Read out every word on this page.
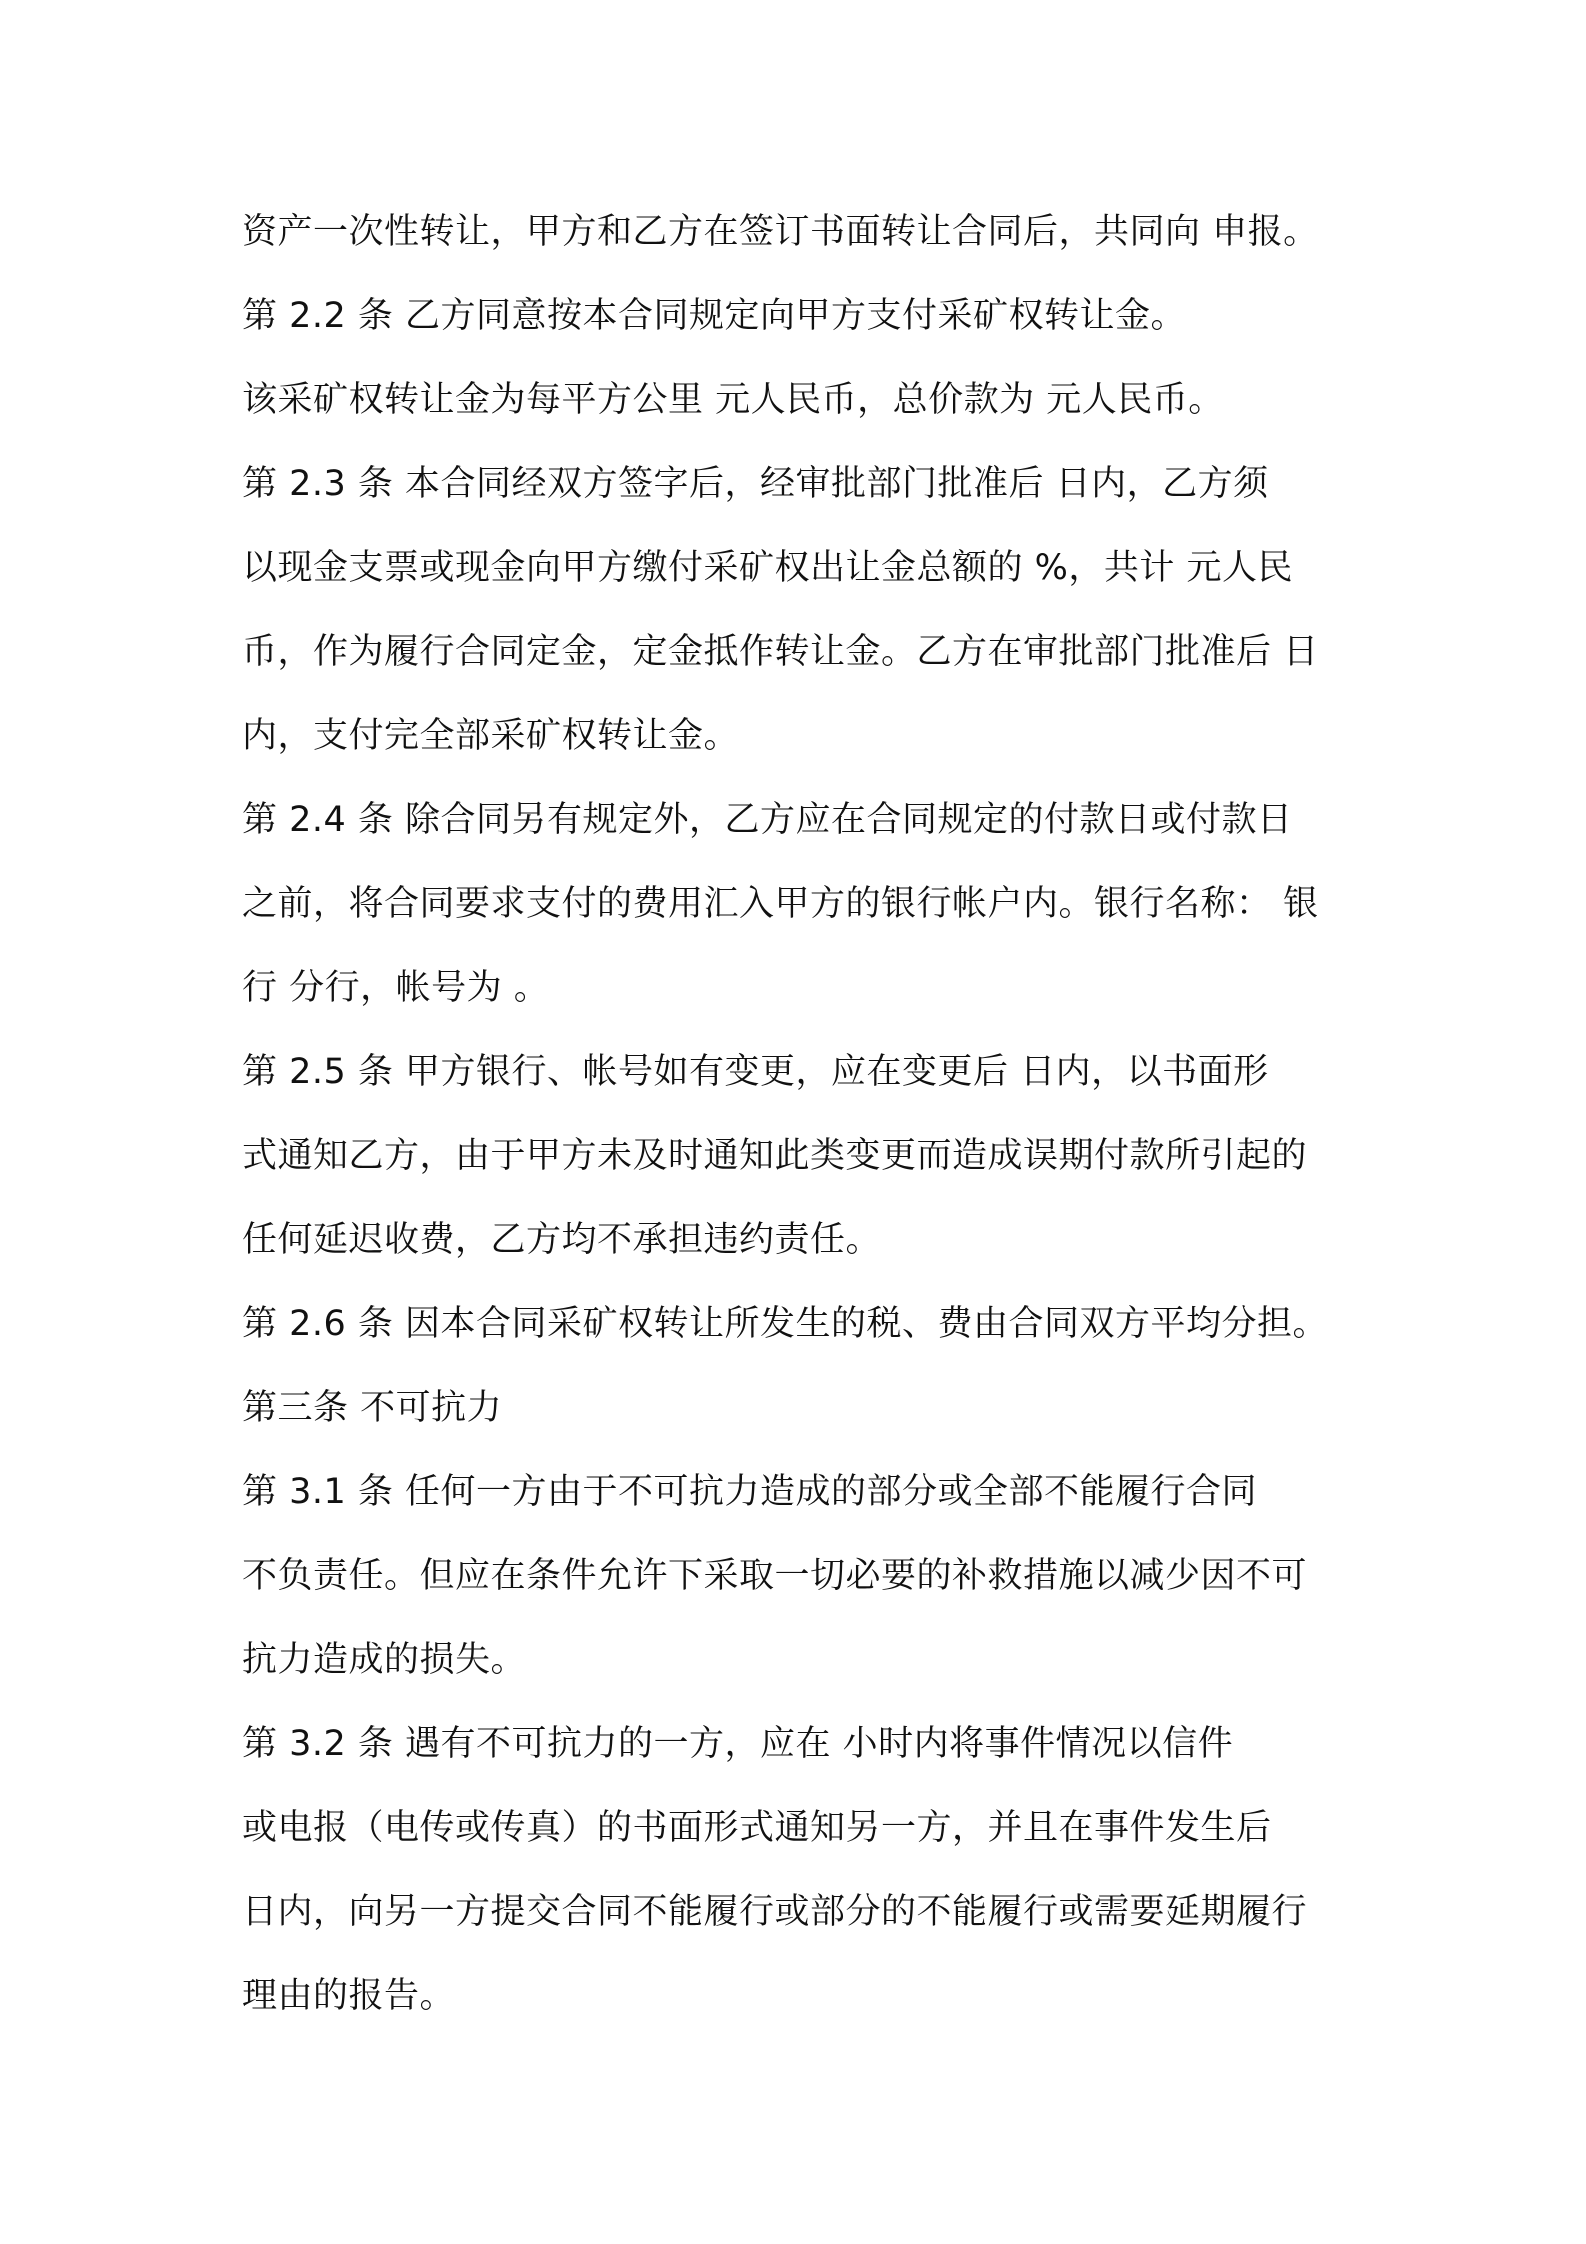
资产一次性转让，甲方和乙方在签订书面转让合同后，共同向 申报。
第 2.2 条 乙方同意按本合同规定向甲方支付采矿权转让金。
该采矿权转让金为每平方公里 元人民币，总价款为 元人民币。
第 2.3 条 本合同经双方签字后，经审批部门批准后 日内，乙方须
以现金支票或现金向甲方缴付采矿权出让金总额的 %，共计 元人民
币，作为履行合同定金，定金抵作转让金。乙方在审批部门批准后 日
内，支付完全部采矿权转让金。
第 2.4 条 除合同另有规定外，乙方应在合同规定的付款日或付款日
之前，将合同要求支付的费用汇入甲方的银行帐户内。银行名称： 银
行 分行，帐号为 。
第 2.5 条 甲方银行、帐号如有变更，应在变更后 日内，以书面形
式通知乙方，由于甲方未及时通知此类变更而造成误期付款所引起的
任何延迟收费，乙方均不承担违约责任。
第 2.6 条 因本合同采矿权转让所发生的税、费由合同双方平均分担。
第三条 不可抗力
第 3.1 条 任何一方由于不可抗力造成的部分或全部不能履行合同
不负责任。但应在条件允许下采取一切必要的补救措施以减少因不可
抗力造成的损失。
第 3.2 条 遇有不可抗力的一方，应在 小时内将事件情况以信件
或电报（电传或传真）的书面形式通知另一方，并且在事件发生后
日内，向另一方提交合同不能履行或部分的不能履行或需要延期履行
理由的报告。
